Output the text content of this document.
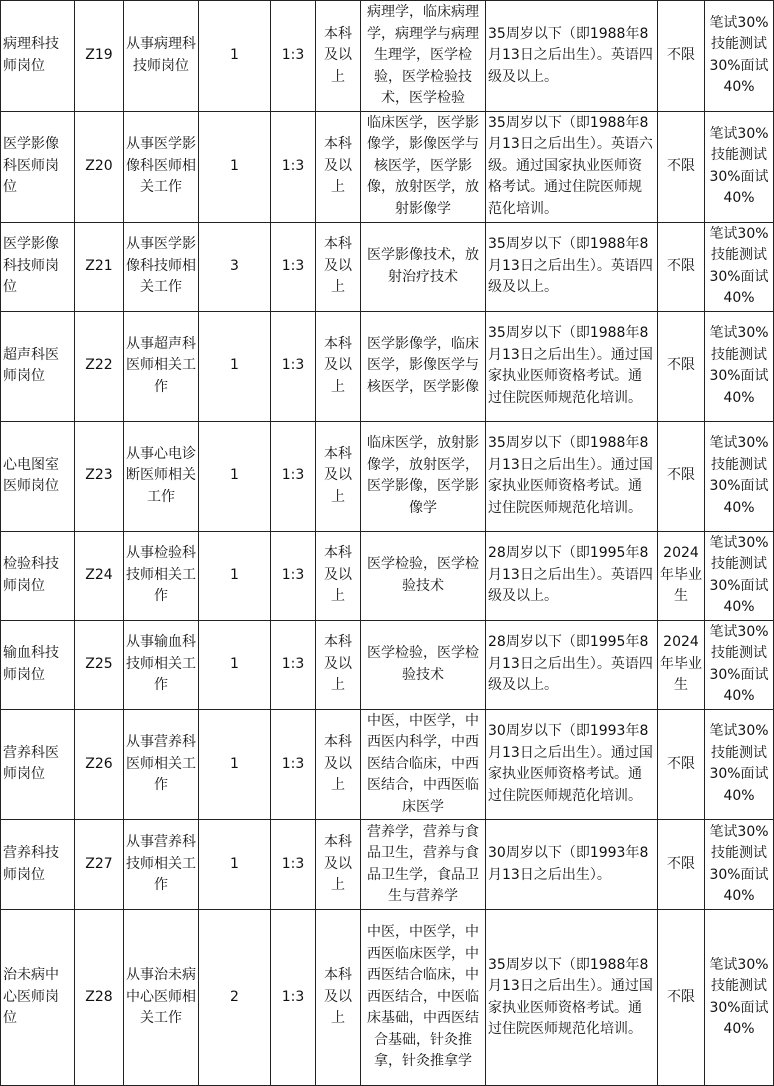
病理科技师岗位	Z19	从事病理科技师岗位	1	1:3	本科及以上	病理学，临床病理学，病理学与病理生理学，医学检验，医学检验技术，医学检验	35周岁以下（即1988年8月13日之后出生）。英语四级及以上。	不限	笔试30%技能测试30%面试40%
医学影像科医师岗位	Z20	从事医学影像科医师相关工作	1	1:3	本科及以上	临床医学，医学影像学，影像医学与核医学，医学影像，放射医学，放射影像学	35周岁以下（即1988年8月13日之后出生）。英语六级。通过国家执业医师资格考试。通过住院医师规范化培训。	不限	笔试30%技能测试30%面试40%
医学影像科技师岗位	Z21	从事医学影像科技师相关工作	3	1:3	本科及以上	医学影像技术，放射治疗技术	35周岁以下（即1988年8月13日之后出生）。英语四级及以上。	不限	笔试30%技能测试30%面试40%
超声科医师岗位	Z22	从事超声科医师相关工作	1	1:3	本科及以上	医学影像学，临床医学，影像医学与核医学，医学影像	35周岁以下（即1988年8月13日之后出生）。通过国家执业医师资格考试。通过住院医师规范化培训。	不限	笔试30%技能测试30%面试40%
心电图室医师岗位	Z23	从事心电诊断医师相关工作	1	1:3	本科及以上	临床医学，放射影像学，放射医学，医学影像，医学影像学	35周岁以下（即1988年8月13日之后出生）。通过国家执业医师资格考试。通过住院医师规范化培训。	不限	笔试30%技能测试30%面试40%
检验科技师岗位	Z24	从事检验科技师相关工作	1	1:3	本科及以上	医学检验，医学检验技术	28周岁以下（即1995年8月13日之后出生）。英语四级及以上。	2024年毕业生	笔试30%技能测试30%面试40%
输血科技师岗位	Z25	从事输血科技师相关工作	1	1:3	本科及以上	医学检验，医学检验技术	28周岁以下（即1995年8月13日之后出生）。英语四级及以上。	2024年毕业生	笔试30%技能测试30%面试40%
营养科医师岗位	Z26	从事营养科医师相关工作	1	1:3	本科及以上	中医，中医学，中西医内科学，中西医结合临床，中西医结合，中西医临床医学	30周岁以下（即1993年8月13日之后出生）。通过国家执业医师资格考试。通过住院医师规范化培训。	不限	笔试30%技能测试30%面试40%
营养科技师岗位	Z27	从事营养科技师相关工作	1	1:3	本科及以上	营养学，营养与食品卫生，营养与食品卫生学，食品卫生与营养学	30周岁以下（即1993年8月13日之后出生）。	不限	笔试30%技能测试30%面试40%
治未病中心医师岗位	Z28	从事治未病中心医师相关工作	2	1:3	本科及以上	中医，中医学，中西医临床医学，中西医结合临床，中西医结合，中医临床基础，中西医结合基础，针灸推拿，针灸推拿学	35周岁以下（即1988年8月13日之后出生）。通过国家执业医师资格考试。通过住院医师规范化培训。	不限	笔试30%技能测试30%面试40%
